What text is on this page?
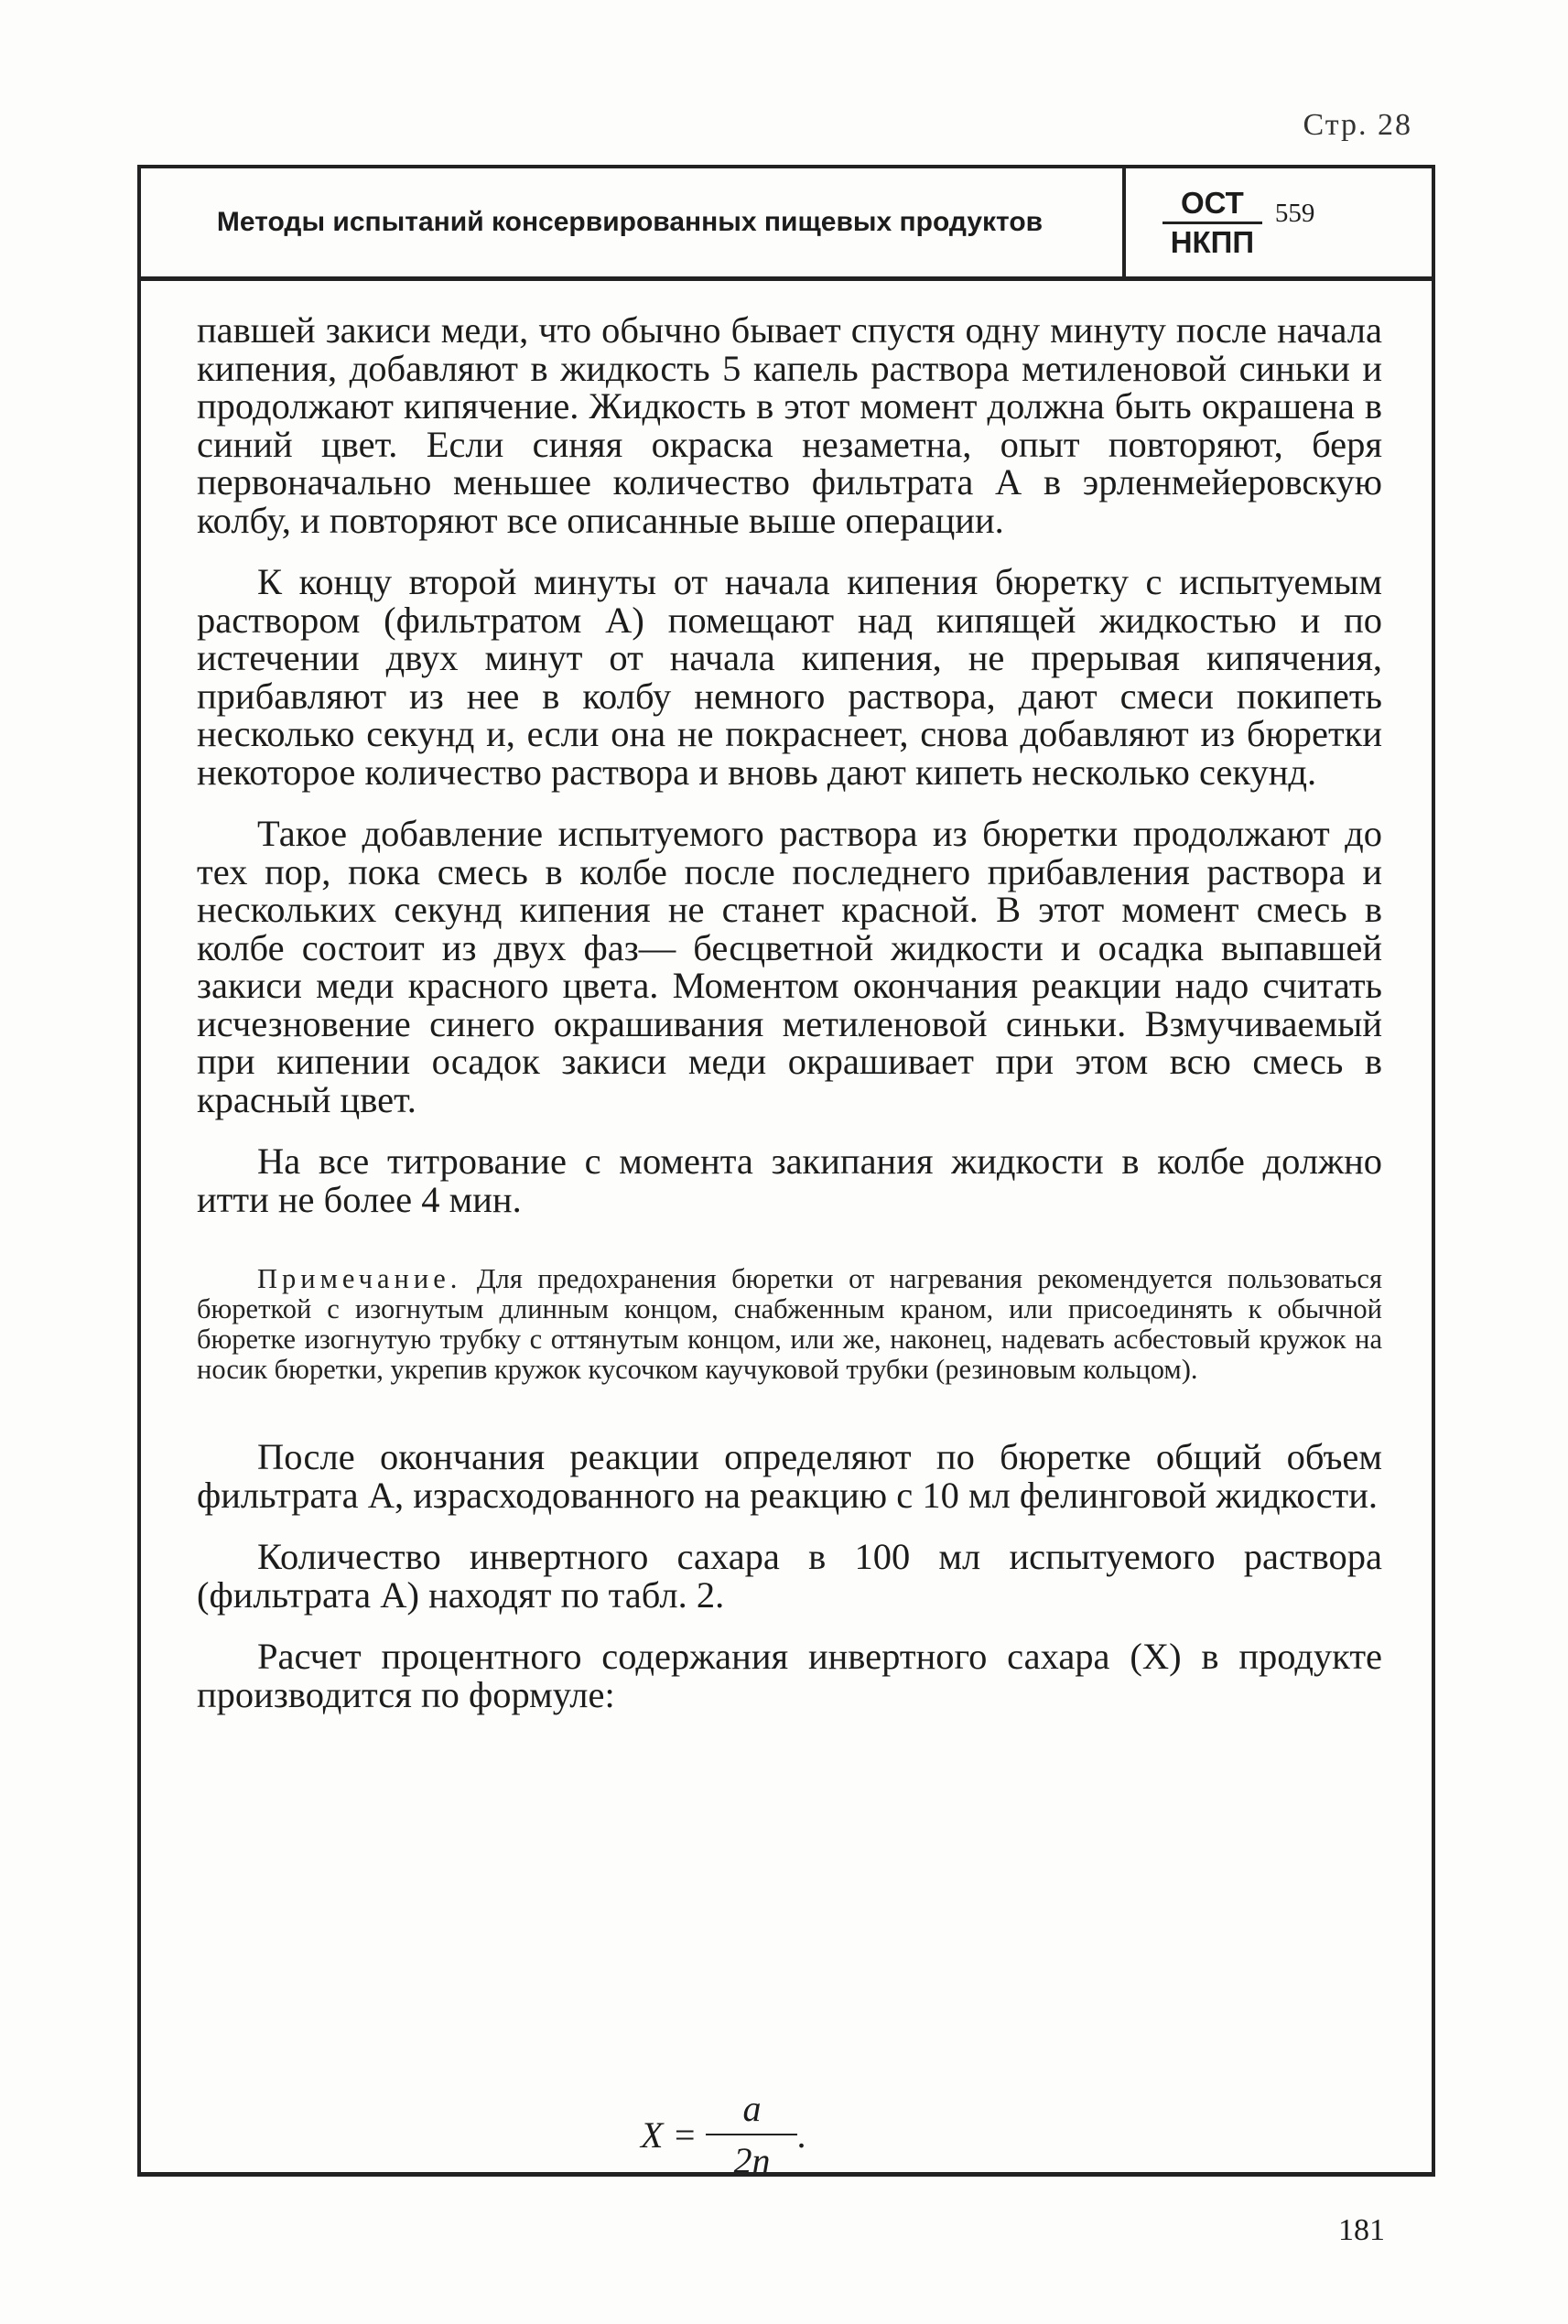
Стр. 28
Методы испытаний консервированных пищевых продуктов	$\frac{\text{ОСТ}}{\text{НКПП}} 559$

павшей закиси меди, что обычно бывает спустя одну минуту после начала кипения, добавляют в жидкость 5 капель раствора метиленовой синьки и продолжают кипячение. Жидкость в этот момент должна быть окрашена в синий цвет. Если синяя окраска незаметна, опыт повторяют, беря первоначально меньшее количество фильтрата А в эрленмейеровскую колбу, и повторяют все описанные выше операции.

К концу второй минуты от начала кипения бюретку с испытуемым раствором (фильтратом А) помещают над кипящей жидкостью и по истечении двух минут от начала кипения, не прерывая кипячения, прибавляют из нее в колбу немного раствора, дают смеси покипеть несколько секунд и, если она не покраснеет, снова добавляют из бюретки некоторое количество раствора и вновь дают кипеть несколько секунд.

Такое добавление испытуемого раствора из бюретки продолжают до тех пор, пока смесь в колбе после последнего прибавления раствора и нескольких секунд кипения не станет красной. В этот момент смесь в колбе состоит из двух фаз— бесцветной жидкости и осадка выпавшей закиси меди красного цвета. Моментом окончания реакции надо считать исчезновение синего окрашивания метиленовой синьки. Взмучиваемый при кипении осадок закиси меди окрашивает при этом всю смесь в красный цвет.

На все титрование с момента закипания жидкости в колбе должно итти не более 4 мин.

Примечание. Для предохранения бюретки от нагревания рекомендуется пользоваться бюреткой с изогнутым длинным концом, снабженным краном, или присоединять к обычной бюретке изогнутую трубку с оттянутым концом, или же, наконец, надевать асбестовый кружок на носик бюретки, укрепив кружок кусочком каучуковой трубки (резиновым кольцом).

После окончания реакции определяют по бюретке общий объем фильтрата А, израсходованного на реакцию с 10 мл фелинговой жидкости.

Количество инвертного сахара в 100 мл испытуемого раствора (фильтрата А) находят по табл. 2.

Расчет процентного содержания инвертного сахара (X) в продукте производится по формуле:

$X = \frac{a}{2n}$ .
181
